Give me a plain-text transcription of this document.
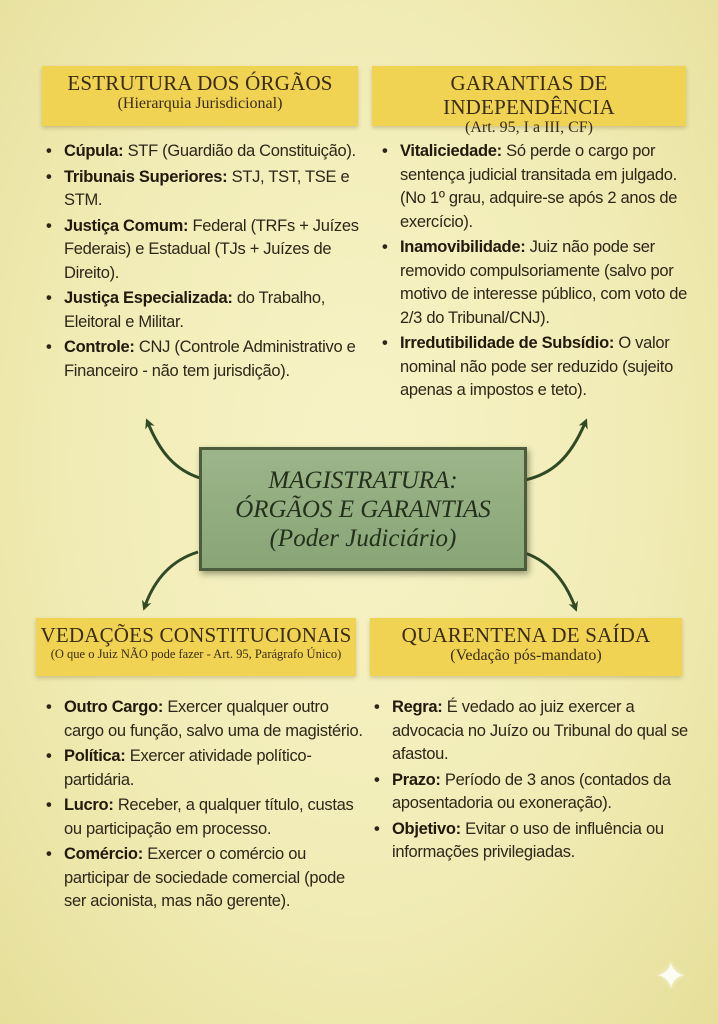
ESTRUTURA DOS ÓRGÃOS
(Hierarquia Jurisdicional)
• Cúpula: STF (Guardião da Constituição).
• Tribunais Superiores: STJ, TST, TSE e STM.
• Justiça Comum: Federal (TRFs + Juízes Federais) e Estadual (TJs + Juízes de Direito).
• Justiça Especializada: do Trabalho, Eleitoral e Militar.
• Controle: CNJ (Controle Administrativo e Financeiro - não tem jurisdição).
GARANTIAS DE INDEPENDÊNCIA
(Art. 95, I a III, CF)
• Vitaliciedade: Só perde o cargo por sentença judicial transitada em julgado. (No 1º grau, adquire-se após 2 anos de exercício).
• Inamovibilidade: Juiz não pode ser removido compulsoriamente (salvo por motivo de interesse público, com voto de 2/3 do Tribunal/CNJ).
• Irredutibilidade de Subsídio: O valor nominal não pode ser reduzido (sujeito apenas a impostos e teto).
MAGISTRATURA:
ÓRGÃOS E GARANTIAS
(Poder Judiciário)
VEDAÇÕES CONSTITUCIONAIS
(O que o Juiz NÃO pode fazer - Art. 95, Parágrafo Único)
• Outro Cargo: Exercer qualquer outro cargo ou função, salvo uma de magistério.
• Política: Exercer atividade político-partidária.
• Lucro: Receber, a qualquer título, custas ou participação em processo.
• Comércio: Exercer o comércio ou participar de sociedade comercial (pode ser acionista, mas não gerente).
QUARENTENA DE SAÍDA
(Vedação pós-mandato)
• Regra: É vedado ao juiz exercer a advocacia no Juízo ou Tribunal do qual se afastou.
• Prazo: Período de 3 anos (contados da aposentadoria ou exoneração).
• Objetivo: Evitar o uso de influência ou informações privilegiadas.
✦
